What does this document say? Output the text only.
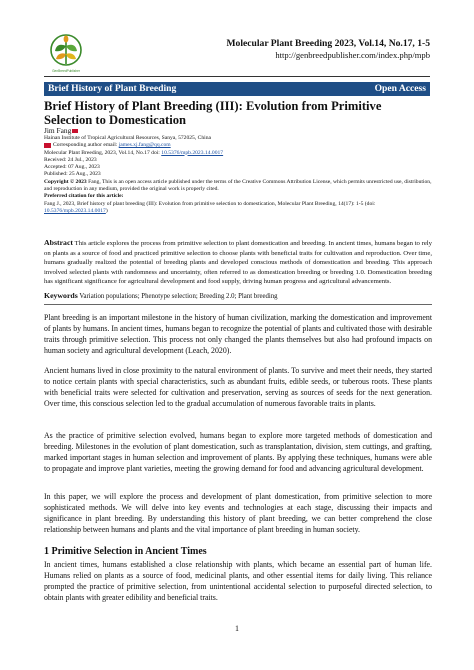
GenBreedPublisher
Molecular Plant Breeding 2023, Vol.14, No.17, 1-5
http://genbreedpublisher.com/index.php/mpb
Brief History of Plant Breeding	Open Access
Brief History of Plant Breeding (III): Evolution from Primitive Selection to Domestication
Jim Fang
Hainan Institute of Tropical Agricultural Resources, Sanya, 572025, China
Corresponding author email: james.xj.fang@qq.com
Molecular Plant Breeding, 2023, Vol.14, No.17 doi: 10.5376/mpb.2023.14.0017
Received: 24 Jul., 2023
Accepted: 07 Aug., 2023
Published: 25 Aug., 2023
Copyright © 2023 Fang, This is an open access article published under the terms of the Creative Commons Attribution License, which permits unrestricted use, distribution, and reproduction in any medium, provided the original work is properly cited.
Preferred citation for this article:
Fang J., 2023, Brief history of plant breeding (III): Evolution from primitive selection to domestication, Molecular Plant Breeding, 14(17): 1-5 (doi: 10.5376/mpb.2023.14.0017)
Abstract This article explores the process from primitive selection to plant domestication and breeding. In ancient times, humans began to rely on plants as a source of food and practiced primitive selection to choose plants with beneficial traits for cultivation and reproduction. Over time, humans gradually realized the potential of breeding plants and developed conscious methods of domestication and breeding. This approach involved selected plants with randomness and uncertainty, often referred to as domestication breeding or breeding 1.0. Domestication breeding has significant significance for agricultural development and food supply, driving human progress and agricultural advancements.
Keywords Variation populations; Phenotype selection; Breeding 2.0; Plant breeding

Plant breeding is an important milestone in the history of human civilization, marking the domestication and improvement of plants by humans. In ancient times, humans began to recognize the potential of plants and cultivated those with desirable traits through primitive selection. This process not only changed the plants themselves but also had profound impacts on human society and agricultural development (Leach, 2020).

Ancient humans lived in close proximity to the natural environment of plants. To survive and meet their needs, they started to notice certain plants with special characteristics, such as abundant fruits, edible seeds, or tuberous roots. These plants with beneficial traits were selected for cultivation and preservation, serving as sources of seeds for the next generation. Over time, this conscious selection led to the gradual accumulation of numerous favorable traits in plants.

As the practice of primitive selection evolved, humans began to explore more targeted methods of domestication and breeding. Milestones in the evolution of plant domestication, such as transplantation, division, stem cuttings, and grafting, marked important stages in human selection and improvement of plants. By applying these techniques, humans were able to propagate and improve plant varieties, meeting the growing demand for food and advancing agricultural development.

In this paper, we will explore the process and development of plant domestication, from primitive selection to more sophisticated methods. We will delve into key events and technologies at each stage, discussing their impacts and significance in plant breeding. By understanding this history of plant breeding, we can better comprehend the close relationship between humans and plants and the vital importance of plant breeding in human society.

1 Primitive Selection in Ancient Times

In ancient times, humans established a close relationship with plants, which became an essential part of human life. Humans relied on plants as a source of food, medicinal plants, and other essential items for daily living. This reliance prompted the practice of primitive selection, from unintentional accidental selection to purposeful directed selection, to obtain plants with greater edibility and beneficial traits.

1
